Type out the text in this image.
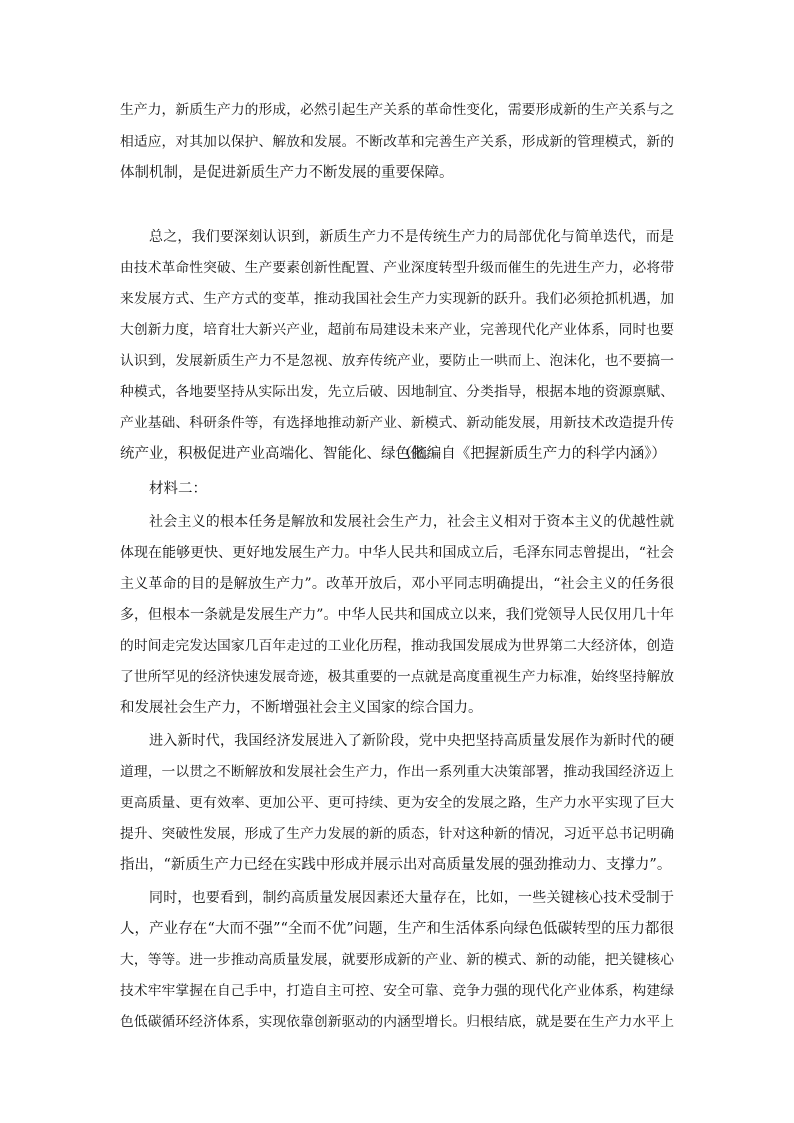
生产力，新质生产力的形成，必然引起生产关系的革命性变化，需要形成新的生产关系与之
相适应，对其加以保护、解放和发展。不断改革和完善生产关系，形成新的管理模式，新的
体制机制，是促进新质生产力不断发展的重要保障。
总之，我们要深刻认识到，新质生产力不是传统生产力的局部优化与简单迭代，而是
由技术革命性突破、生产要素创新性配置、产业深度转型升级而催生的先进生产力，必将带
来发展方式、生产方式的变革，推动我国社会生产力实现新的跃升。我们必须抢抓机遇，加
大创新力度，培育壮大新兴产业，超前布局建设未来产业，完善现代化产业体系，同时也要
认识到，发展新质生产力不是忽视、放弃传统产业，要防止一哄而上、泡沫化，也不要搞一
种模式，各地要坚持从实际出发，先立后破、因地制宜、分类指导，根据本地的资源禀赋、
产业基础、科研条件等，有选择地推动新产业、新模式、新动能发展，用新技术改造提升传
统产业，积极促进产业高端化、智能化、绿色化。
（摘编自《把握新质生产力的科学内涵》）
材料二：
社会主义的根本任务是解放和发展社会生产力，社会主义相对于资本主义的优越性就
体现在能够更快、更好地发展生产力。中华人民共和国成立后，毛泽东同志曾提出，“社会
主义革命的目的是解放生产力”。改革开放后，邓小平同志明确提出，“社会主义的任务很
多，但根本一条就是发展生产力”。中华人民共和国成立以来，我们党领导人民仅用几十年
的时间走完发达国家几百年走过的工业化历程，推动我国发展成为世界第二大经济体，创造
了世所罕见的经济快速发展奇迹，极其重要的一点就是高度重视生产力标准，始终坚持解放
和发展社会生产力，不断增强社会主义国家的综合国力。
进入新时代，我国经济发展进入了新阶段，党中央把坚持高质量发展作为新时代的硬
道理，一以贯之不断解放和发展社会生产力，作出一系列重大决策部署，推动我国经济迈上
更高质量、更有效率、更加公平、更可持续、更为安全的发展之路，生产力水平实现了巨大
提升、突破性发展，形成了生产力发展的新的质态，针对这种新的情况，习近平总书记明确
指出，“新质生产力已经在实践中形成并展示出对高质量发展的强劲推动力、支撑力”。
同时，也要看到，制约高质量发展因素还大量存在，比如，一些关键核心技术受制于
人，产业存在“大而不强”“全而不优”问题，生产和生活体系向绿色低碳转型的压力都很
大，等等。进一步推动高质量发展，就要形成新的产业、新的模式、新的动能，把关键核心
技术牢牢掌握在自己手中，打造自主可控、安全可靠、竞争力强的现代化产业体系，构建绿
色低碳循环经济体系，实现依靠创新驱动的内涵型增长。归根结底，就是要在生产力水平上
